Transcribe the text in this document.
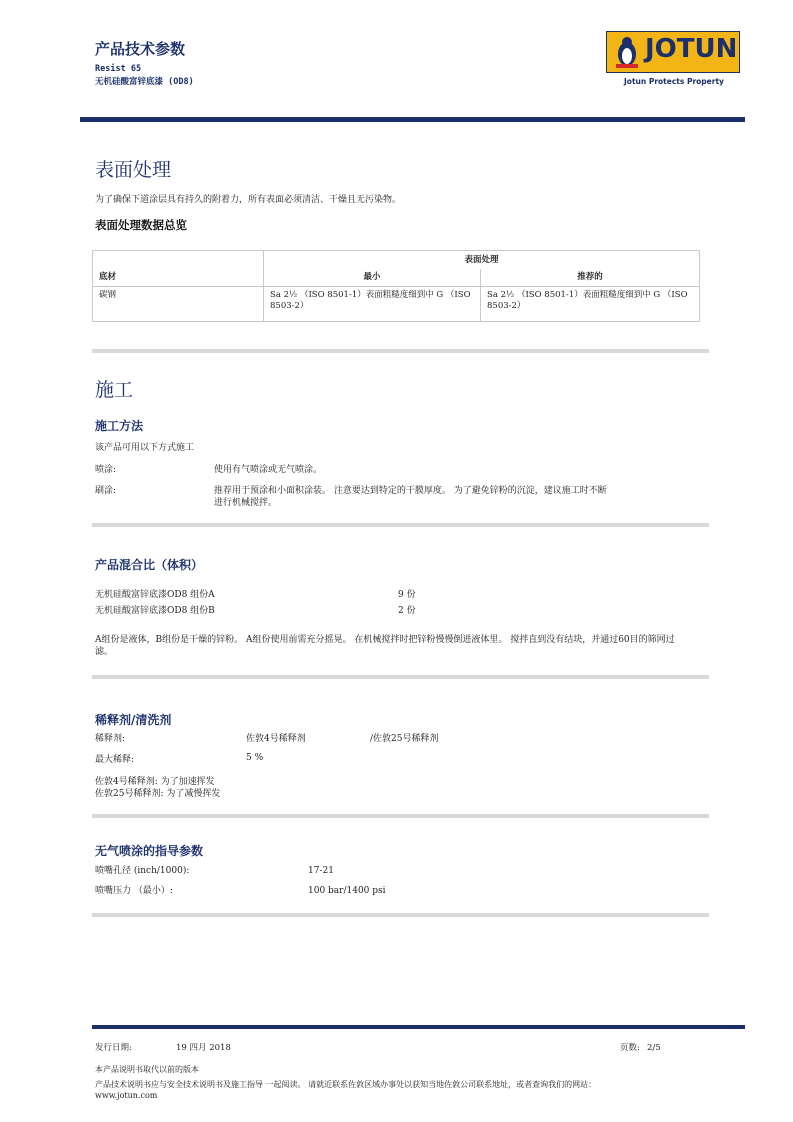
产品技术参数
Resist 65
无机硅酸富锌底漆 (OD8)
JOTUN
Jotun Protects Property
表面处理
为了确保下道涂层具有持久的附着力，所有表面必须清洁、干燥且无污染物。
表面处理数据总览
底材	表面处理	
	最小	推荐的
碳钢	Sa 2½ （ISO 8501-1）表面粗糙度细到中 G （ISO 8503-2）	Sa 2½ （ISO 8501-1）表面粗糙度细到中 G （ISO 8503-2）
施工
施工方法
该产品可用以下方式施工
喷涂:	使用有气喷涂或无气喷涂。
刷涂:	推荐用于预涂和小面积涂装。 注意要达到特定的干膜厚度。 为了避免锌粉的沉淀，建议施工时不断进行机械搅拌。
产品混合比（体积）
无机硅酸富锌底漆OD8 组份A	9 份
无机硅酸富锌底漆OD8 组份B	2 份
A组份是液体，B组份是干燥的锌粉。 A组份使用前需充分摇晃。 在机械搅拌时把锌粉慢慢倒进液体里。 搅拌直到没有结块，并通过60目的筛网过滤。
稀释剂/清洗剂
稀释剂:	佐敦4号稀释剂	/佐敦25号稀释剂
最大稀释:	5 %
佐敦4号稀释剂: 为了加速挥发
佐敦25号稀释剂: 为了减慢挥发
无气喷涂的指导参数
喷嘴孔径 (inch/1000):	17-21
喷嘴压力 （最小）:	100 bar/1400 psi
发行日期:	19 四月 2018	页数: 2/5
本产品说明书取代以前的版本
产品技术说明书应与安全技术说明书及施工指导 一起阅读。 请就近联系佐敦区域办事处以获知当地佐敦公司联系地址，或者查询我们的网站：
www.jotun.com
